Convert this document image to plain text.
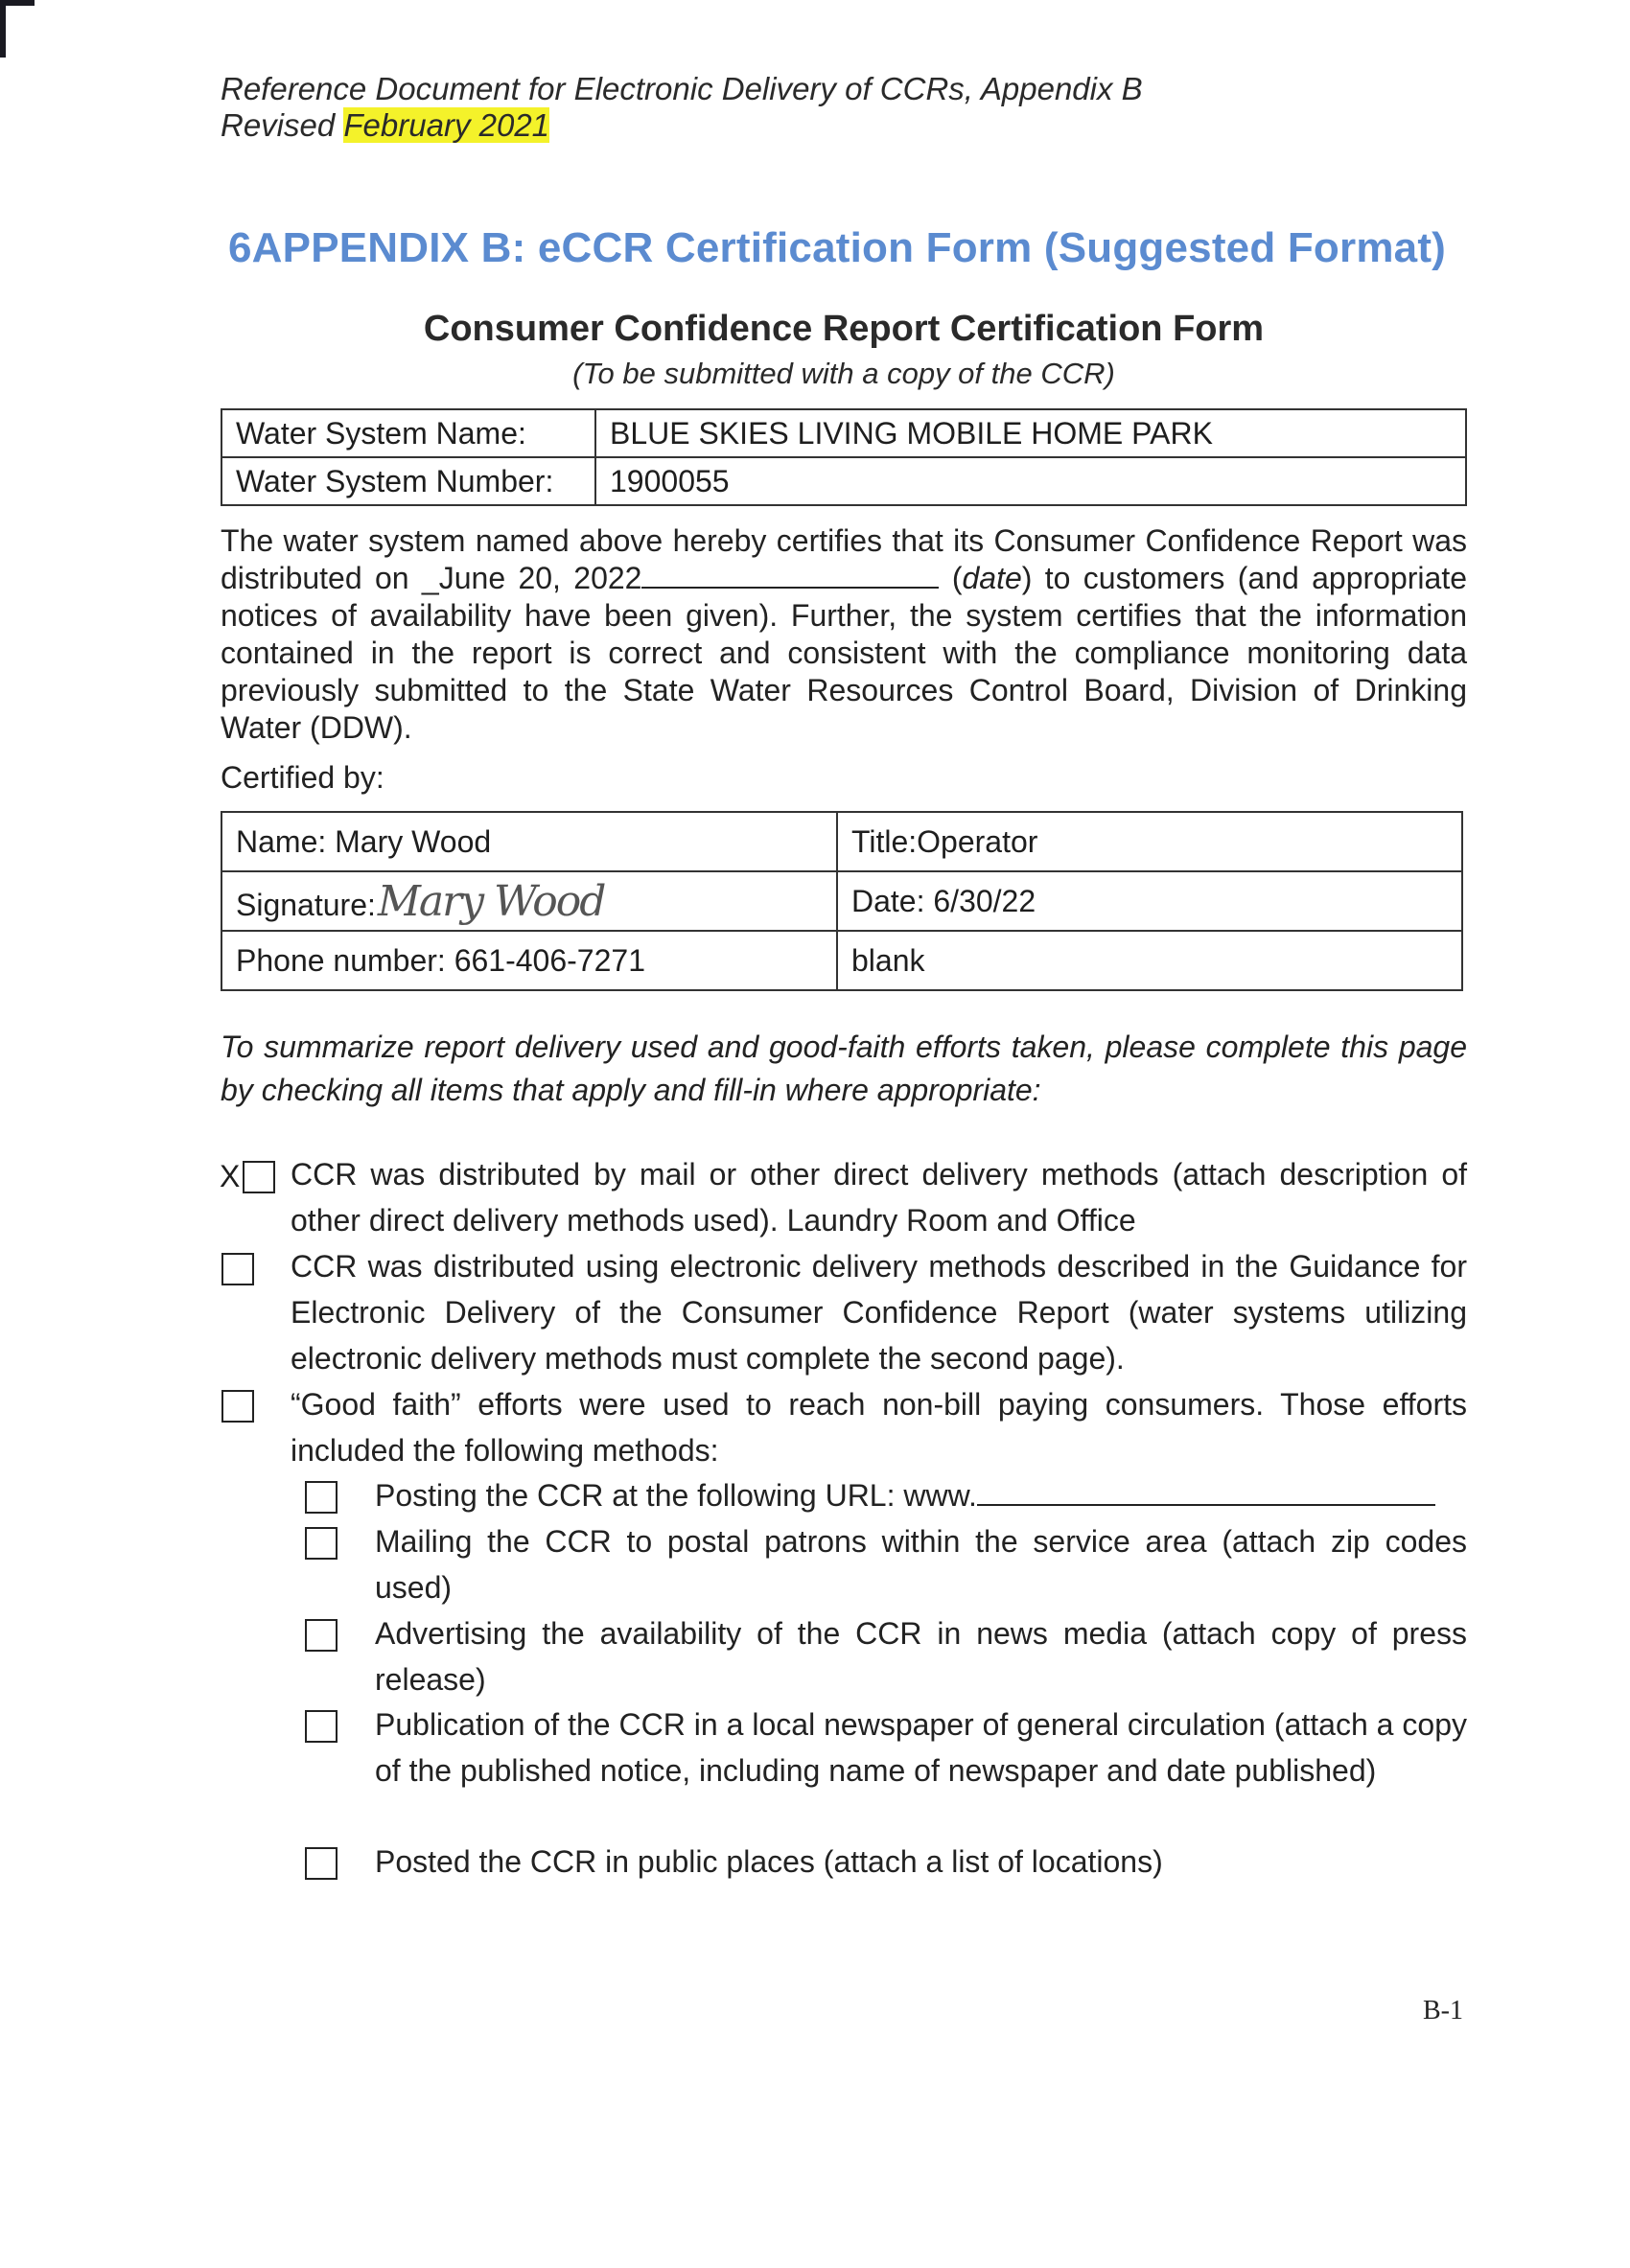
Reference Document for Electronic Delivery of CCRs, Appendix B
Revised February 2021
6APPENDIX B: eCCR Certification Form (Suggested Format)
Consumer Confidence Report Certification Form
(To be submitted with a copy of the CCR)
Water System Name:	BLUE SKIES LIVING MOBILE HOME PARK
Water System Number:	1900055
The water system named above hereby certifies that its Consumer Confidence Report was distributed on _June 20, 2022	(date) to customers (and appropriate notices of availability have been given). Further, the system certifies that the information contained in the report is correct and consistent with the compliance monitoring data previously submitted to the State Water Resources Control Board, Division of Drinking Water (DDW).
Certified by:
Name: Mary Wood	Title:Operator
Signature:Mary Wood	Date: 6/30/22
Phone number: 661-406-7271	blank
To summarize report delivery used and good-faith efforts taken, please complete this page by checking all items that apply and fill-in where appropriate:
X CCR was distributed by mail or other direct delivery methods (attach description of other direct delivery methods used). Laundry Room and Office
CCR was distributed using electronic delivery methods described in the Guidance for Electronic Delivery of the Consumer Confidence Report (water systems utilizing electronic delivery methods must complete the second page).
“Good faith” efforts were used to reach non-bill paying consumers. Those efforts included the following methods:
Posting the CCR at the following URL: www.
Mailing the CCR to postal patrons within the service area (attach zip codes used)
Advertising the availability of the CCR in news media (attach copy of press release)
Publication of the CCR in a local newspaper of general circulation (attach a copy of the published notice, including name of newspaper and date published)
Posted the CCR in public places (attach a list of locations)
B-1
